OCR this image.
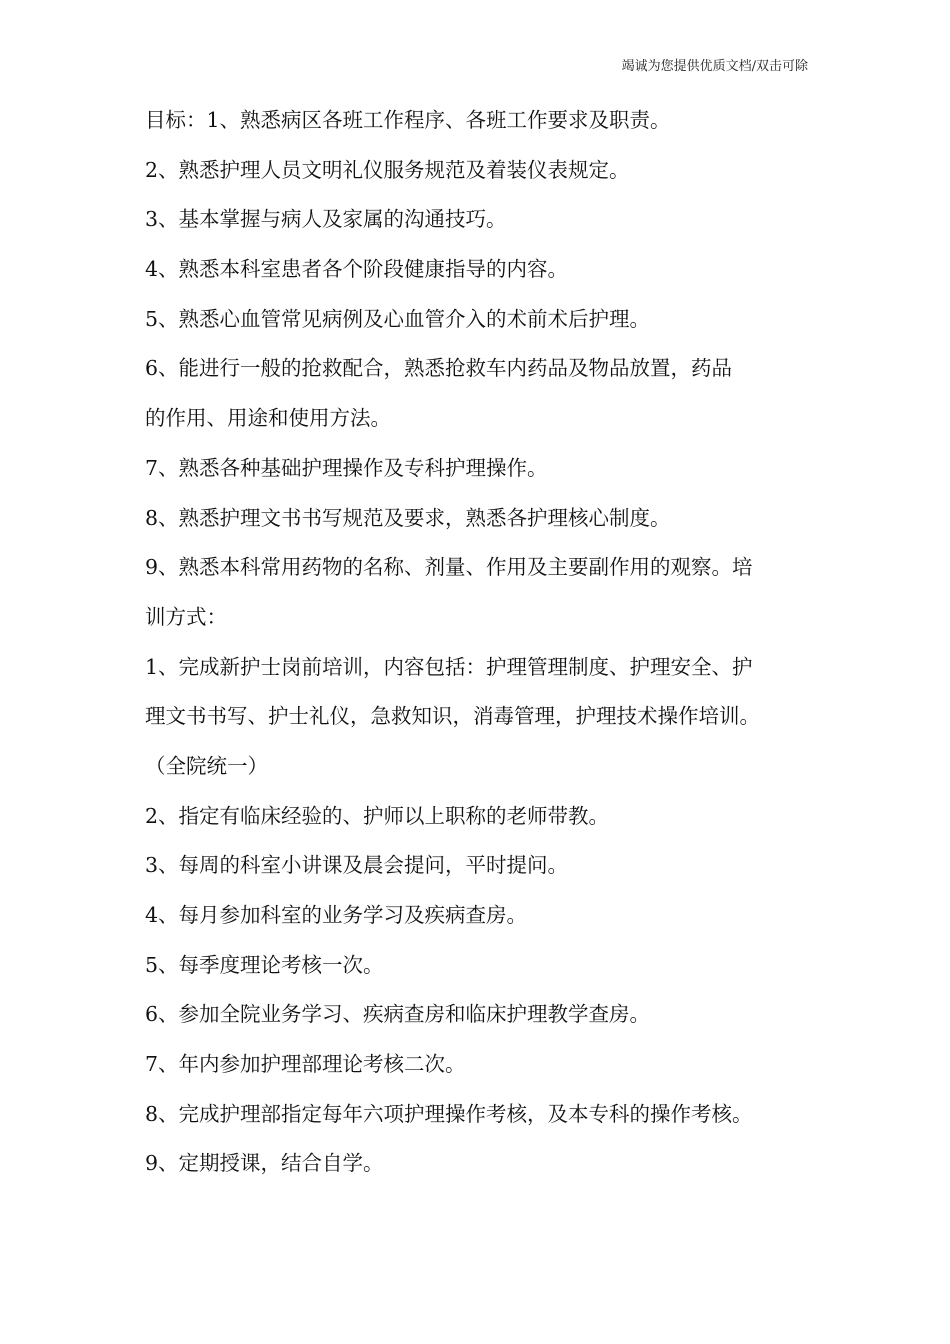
竭诚为您提供优质文档/双击可除
目标：1、熟悉病区各班工作程序、各班工作要求及职责。
2、熟悉护理人员文明礼仪服务规范及着装仪表规定。
3、基本掌握与病人及家属的沟通技巧。
4、熟悉本科室患者各个阶段健康指导的内容。
5、熟悉心血管常见病例及心血管介入的术前术后护理。
6、能进行一般的抢救配合，熟悉抢救车内药品及物品放置，药品
的作用、用途和使用方法。
7、熟悉各种基础护理操作及专科护理操作。
8、熟悉护理文书书写规范及要求，熟悉各护理核心制度。
9、熟悉本科常用药物的名称、剂量、作用及主要副作用的观察。培
训方式：
1、完成新护士岗前培训，内容包括：护理管理制度、护理安全、护
理文书书写、护士礼仪，急救知识，消毒管理，护理技术操作培训。
（全院统一）
2、指定有临床经验的、护师以上职称的老师带教。
3、每周的科室小讲课及晨会提问，平时提问。
4、每月参加科室的业务学习及疾病查房。
5、每季度理论考核一次。
6、参加全院业务学习、疾病查房和临床护理教学查房。
7、年内参加护理部理论考核二次。
8、完成护理部指定每年六项护理操作考核，及本专科的操作考核。
9、定期授课，结合自学。
